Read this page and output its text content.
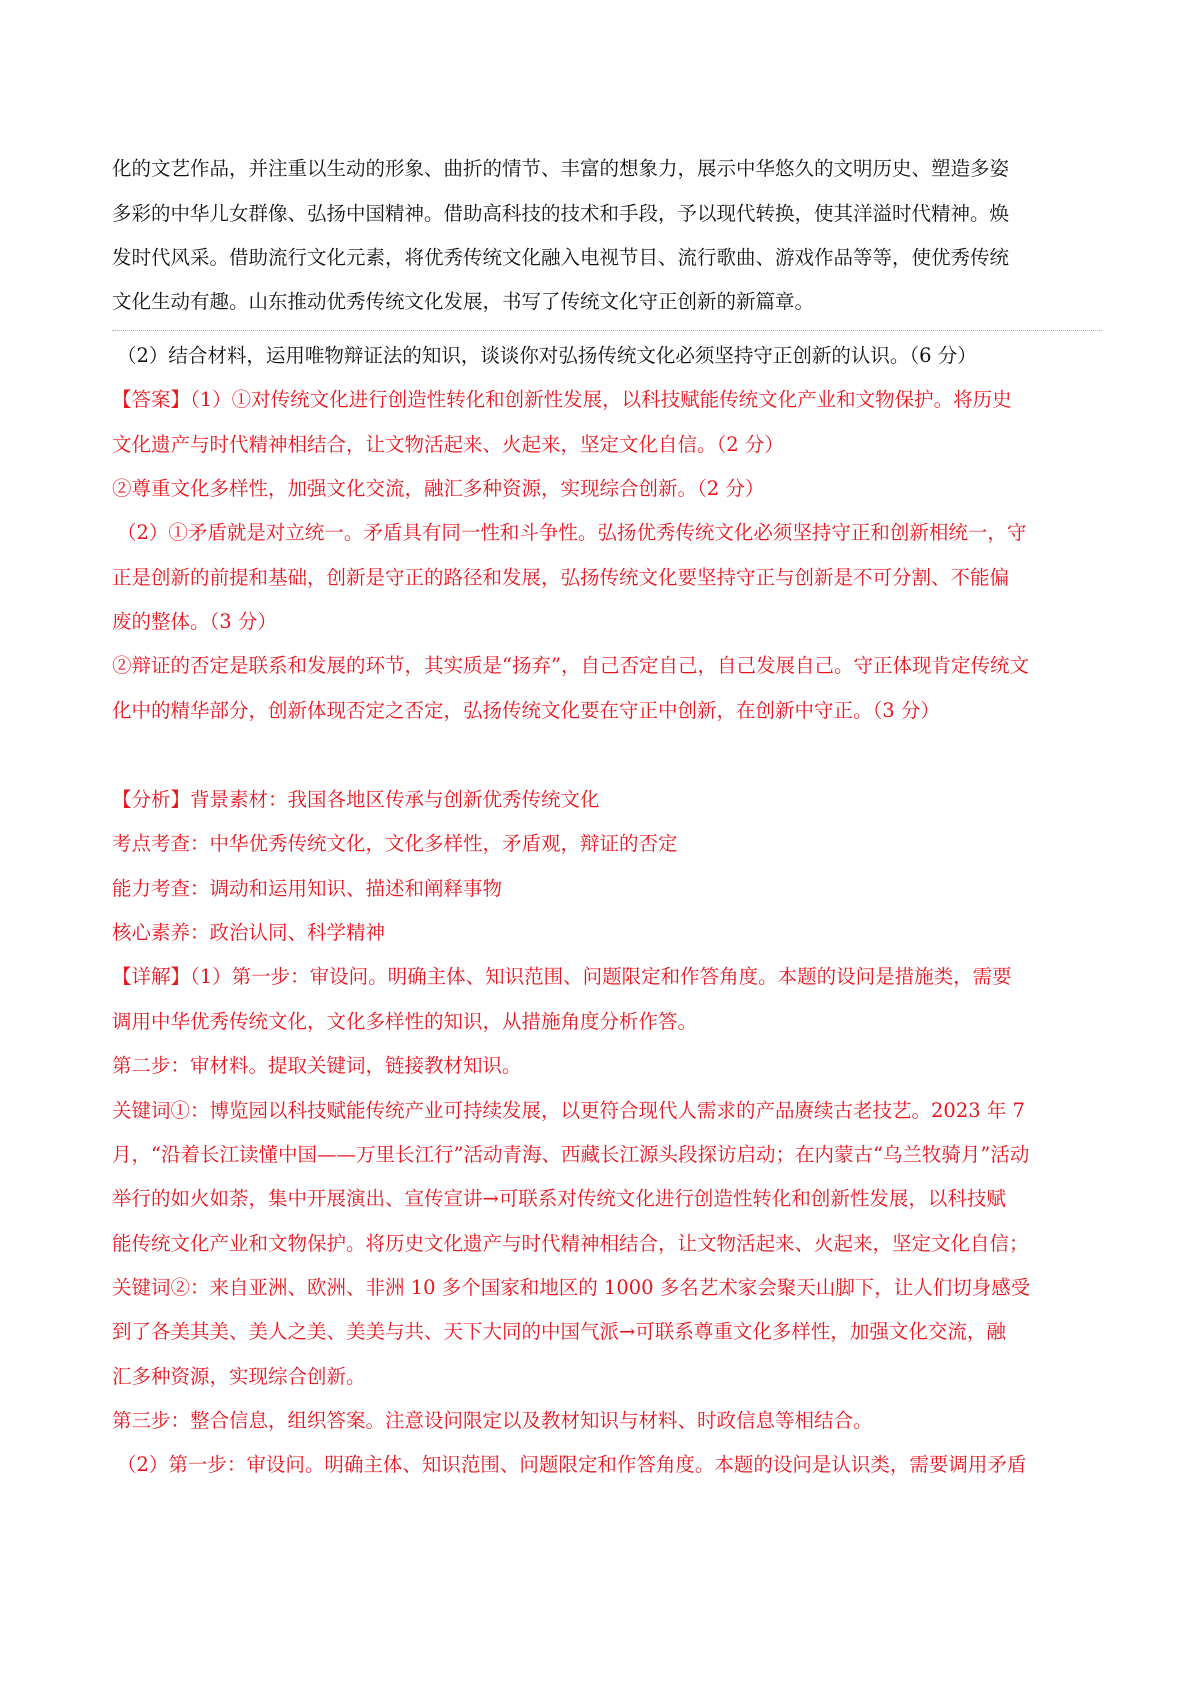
化的文艺作品，并注重以生动的形象、曲折的情节、丰富的想象力，展示中华悠久的文明历史、塑造多姿
多彩的中华儿女群像、弘扬中国精神。借助高科技的技术和手段，予以现代转换，使其洋溢时代精神。焕
发时代风采。借助流行文化元素，将优秀传统文化融入电视节目、流行歌曲、游戏作品等等，使优秀传统
文化生动有趣。山东推动优秀传统文化发展，书写了传统文化守正创新的新篇章。
（2）结合材料，运用唯物辩证法的知识，谈谈你对弘扬传统文化必须坚持守正创新的认识。（6 分）
【答案】（1）①对传统文化进行创造性转化和创新性发展，以科技赋能传统文化产业和文物保护。将历史
文化遗产与时代精神相结合，让文物活起来、火起来，坚定文化自信。（2 分）
②尊重文化多样性，加强文化交流，融汇多种资源，实现综合创新。（2 分）
（2）①矛盾就是对立统一。矛盾具有同一性和斗争性。弘扬优秀传统文化必须坚持守正和创新相统一，守
正是创新的前提和基础，创新是守正的路径和发展，弘扬传统文化要坚持守正与创新是不可分割、不能偏
废的整体。（3 分）
②辩证的否定是联系和发展的环节，其实质是“扬弃”，自己否定自己，自己发展自己。守正体现肯定传统文
化中的精华部分，创新体现否定之否定，弘扬传统文化要在守正中创新，在创新中守正。（3 分）
【分析】背景素材：我国各地区传承与创新优秀传统文化
考点考查：中华优秀传统文化，文化多样性，矛盾观，辩证的否定
能力考查：调动和运用知识、描述和阐释事物
核心素养：政治认同、科学精神
【详解】（1）第一步：审设问。明确主体、知识范围、问题限定和作答角度。本题的设问是措施类，需要
调用中华优秀传统文化，文化多样性的知识，从措施角度分析作答。
第二步：审材料。提取关键词，链接教材知识。
关键词①：博览园以科技赋能传统产业可持续发展，以更符合现代人需求的产品赓续古老技艺。2023 年 7
月，“沿着长江读懂中国——万里长江行”活动青海、西藏长江源头段探访启动；在内蒙古“乌兰牧骑月”活动
举行的如火如荼，集中开展演出、宣传宣讲→可联系对传统文化进行创造性转化和创新性发展，以科技赋
能传统文化产业和文物保护。将历史文化遗产与时代精神相结合，让文物活起来、火起来，坚定文化自信；
关键词②：来自亚洲、欧洲、非洲 10 多个国家和地区的 1000 多名艺术家会聚天山脚下，让人们切身感受
到了各美其美、美人之美、美美与共、天下大同的中国气派→可联系尊重文化多样性，加强文化交流，融
汇多种资源，实现综合创新。
第三步：整合信息，组织答案。注意设问限定以及教材知识与材料、时政信息等相结合。
（2）第一步：审设问。明确主体、知识范围、问题限定和作答角度。本题的设问是认识类，需要调用矛盾
